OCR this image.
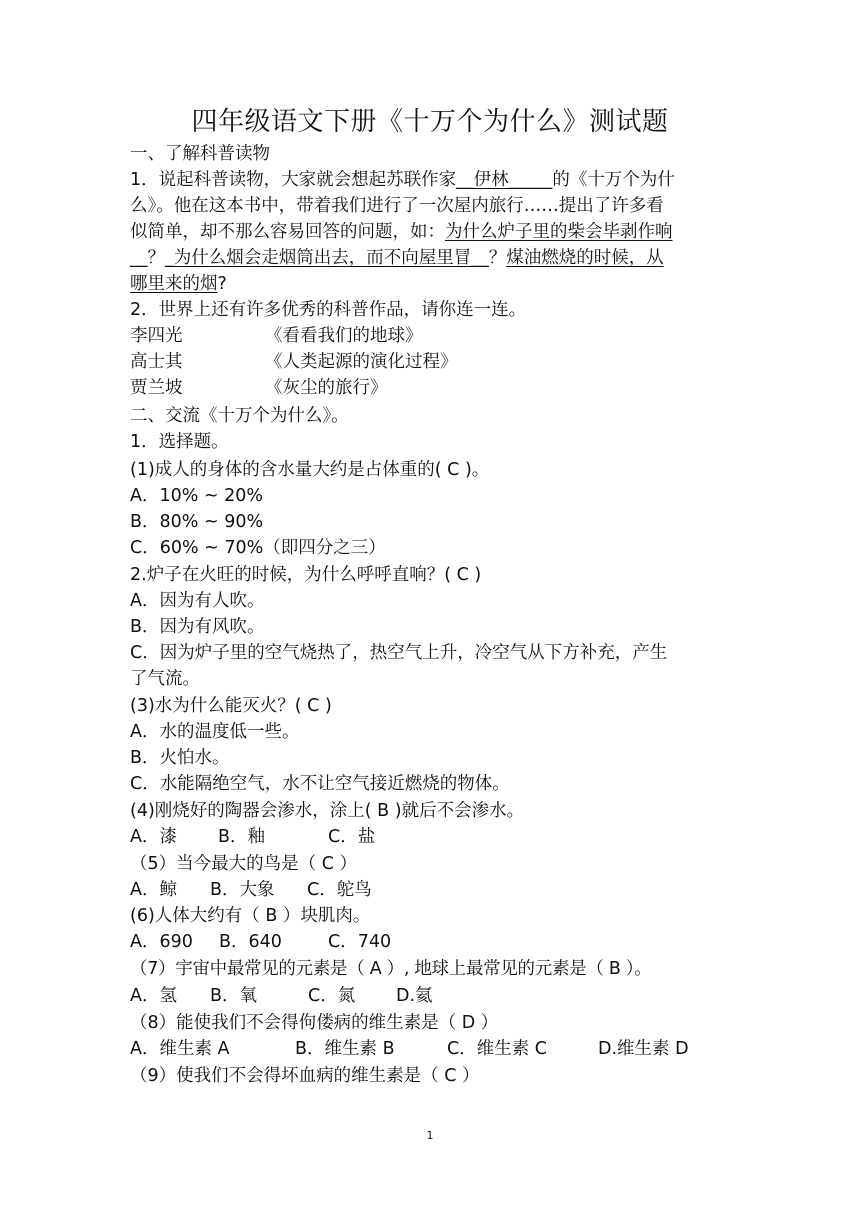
四年级语文下册《十万个为什么》测试题
一、了解科普读物
1．说起科普读物，大家就会想起苏联作家__伊林_____的《十万个为什
么》。他在这本书中，带着我们进行了一次屋内旅行……提出了许多看
似简单，却不那么容易回答的问题，如：为什么炉子里的柴会毕剥作响
__？_为什么烟会走烟筒出去，而不向屋里冒__？煤油燃烧的时候，从
哪里来的烟?
2．世界上还有许多优秀的科普作品，请你连一连。
李四光	《看看我们的地球》
高士其	《人类起源的演化过程》
贾兰坡	《灰尘的旅行》
二、交流《十万个为什么》。
1．选择题。
(1)成人的身体的含水量大约是占体重的( C )。
A．10% ~ 20%
B．80% ~ 90%
C．60% ~ 70%（即四分之三）
2.炉子在火旺的时候，为什么呼呼直响？( C )
A．因为有人吹。
B．因为有风吹。
C．因为炉子里的空气烧热了，热空气上升，冷空气从下方补充，产生
了气流。
(3)水为什么能灭火？( C )
A．水的温度低一些。
B．火怕水。
C．水能隔绝空气，水不让空气接近燃烧的物体。
(4)刚烧好的陶器会渗水，涂上( B )就后不会渗水。
A．漆 B．釉	C．盐
（5）当今最大的鸟是（ C ）
A．鲸 B．大象 C．鸵鸟
(6)人体大约有（ B ）块肌肉。
A．690 B．640	C．740
（7）宇宙中最常见的元素是（ A ）, 地球上最常见的元素是（ B ）。
A．氢 B．氧	C．氮 D.氦
（8）能使我们不会得佝偻病的维生素是（ D ）
A．维生素 A	B．维生素 B	C．维生素 C	D.维生素 D
（9）使我们不会得坏血病的维生素是（ C ）
1
